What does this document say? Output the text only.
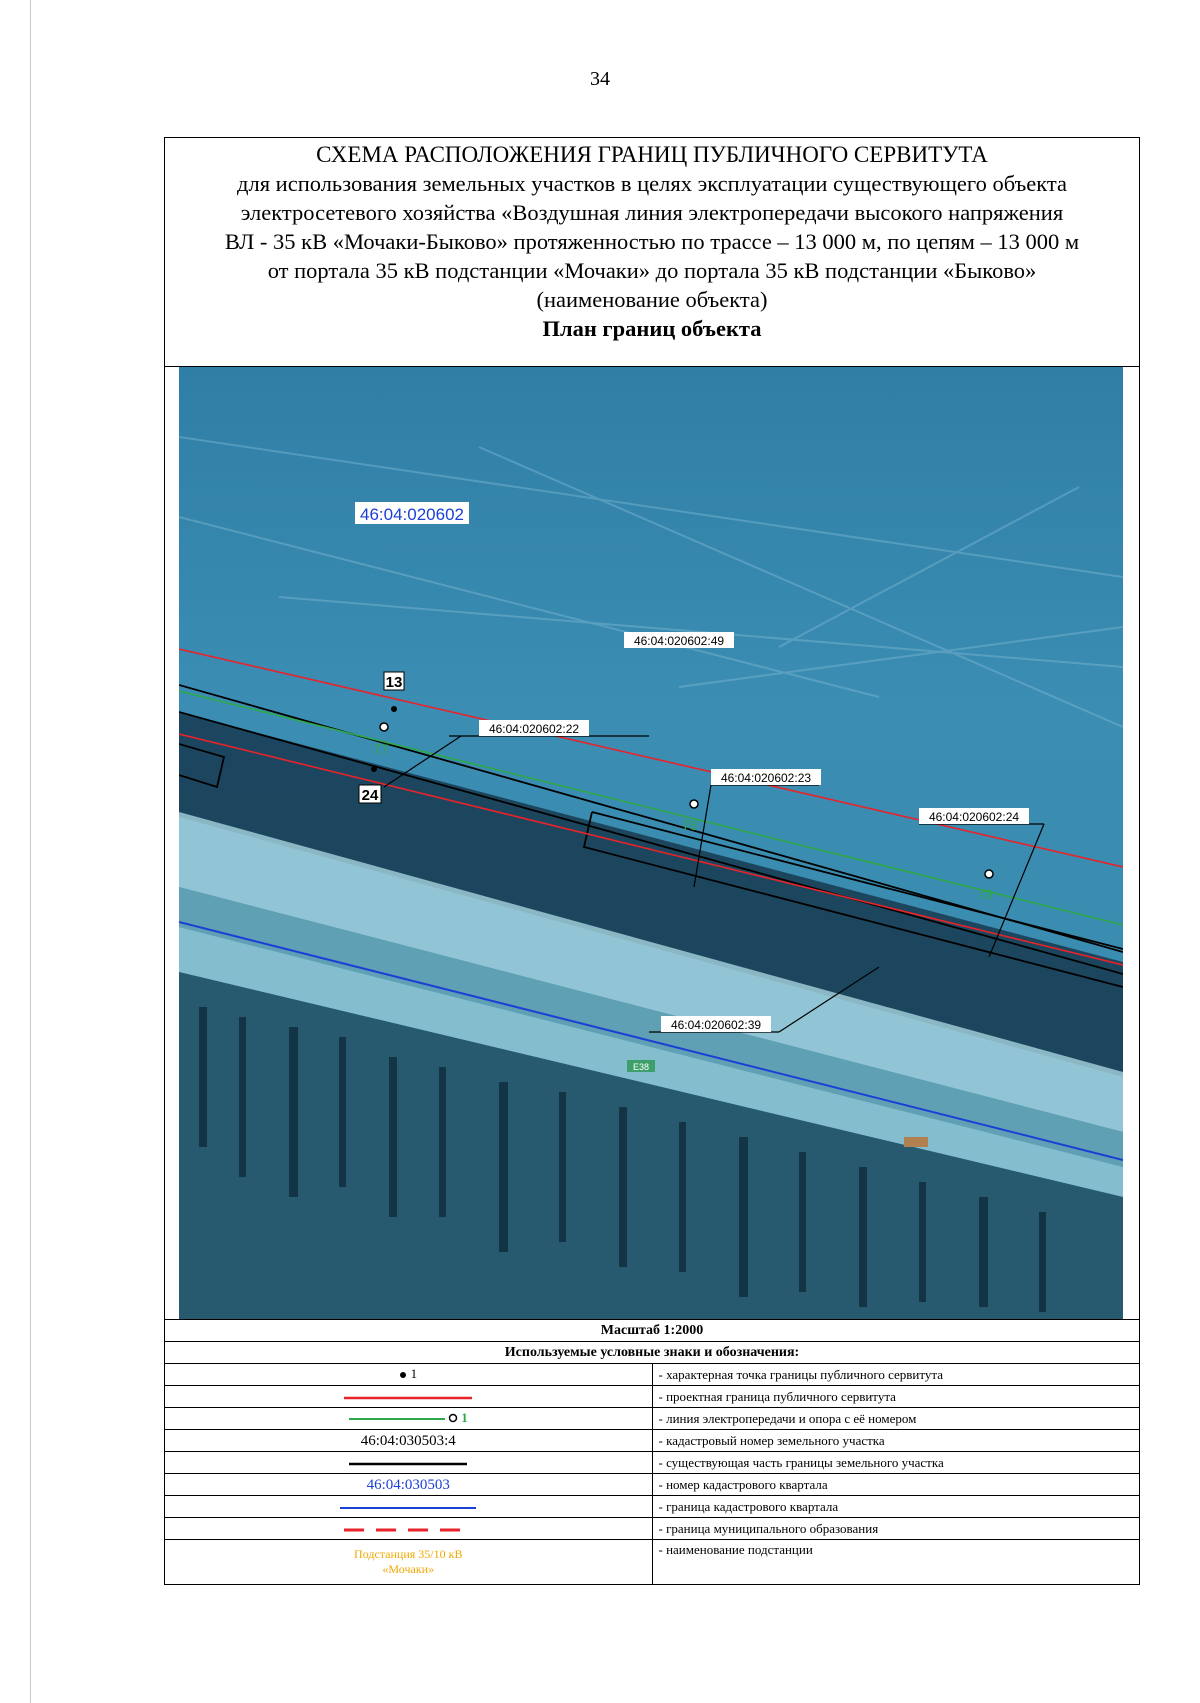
34
СХЕМА РАСПОЛОЖЕНИЯ ГРАНИЦ ПУБЛИЧНОГО СЕРВИТУТА
для использования земельных участков в целях эксплуатации существующего объекта
электросетевого хозяйства «Воздушная линия электропередачи высокого напряжения
ВЛ - 35 кВ «Мочаки-Быково» протяженностью по трассе – 13 000 м, по цепям – 13 000 м
от портала 35 кВ подстанции «Мочаки» до портала 35 кВ подстанции «Быково»
(наименование объекта)
План границ объекта
E38
77
78
79
13
24
46:04:020602
46:04:020602:49
46:04:020602:22
46:04:020602:23
46:04:020602:24
46:04:020602:39
Масштаб 1:2000	
Используемые условные знаки и обозначения:	
1	- характерная точка границы публичного сервитута
	- проектная граница публичного сервитута
1	- линия электропередачи и опора с её номером
46:04:030503:4	- кадастровый номер земельного участка
	- существующая часть границы земельного участка
46:04:030503	- номер кадастрового квартала
	- граница кадастрового квартала
	- граница муниципального образования

Подстанция 35/10 кВ
«Мочаки»	- наименование подстанции
